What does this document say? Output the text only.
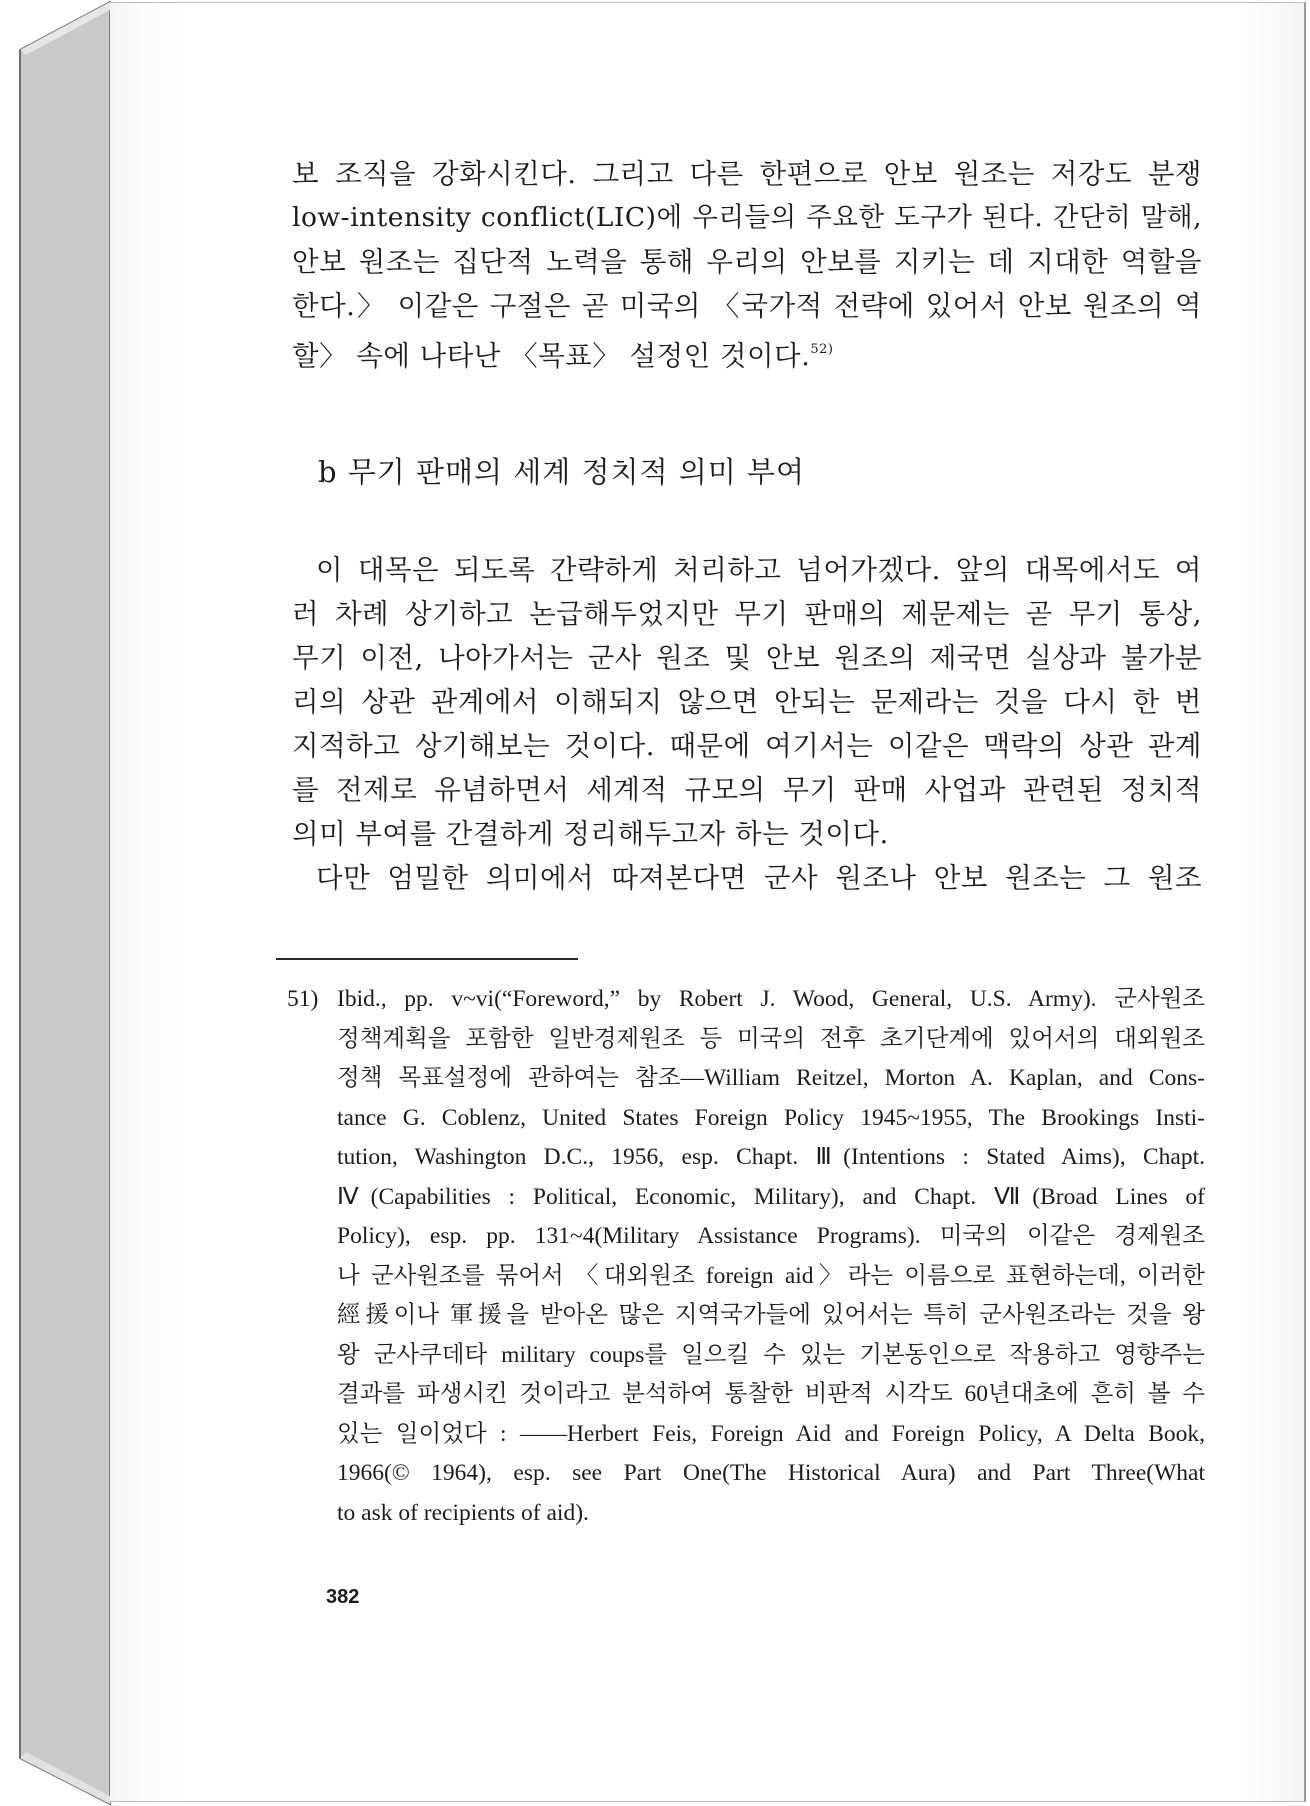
보 조직을 강화시킨다. 그리고 다른 한편으로 안보 원조는 저강도 분쟁
low-intensity conflict(LIC)에 우리들의 주요한 도구가 된다. 간단히 말해,
안보 원조는 집단적 노력을 통해 우리의 안보를 지키는 데 지대한 역할을
한다.〉 이같은 구절은 곧 미국의 〈국가적 전략에 있어서 안보 원조의 역
할〉 속에 나타난 〈목표〉 설정인 것이다.$^{52)}$
b 무기 판매의 세계 정치적 의미 부여
이 대목은 되도록 간략하게 처리하고 넘어가겠다. 앞의 대목에서도 여
러 차례 상기하고 논급해두었지만 무기 판매의 제문제는 곧 무기 통상,
무기 이전, 나아가서는 군사 원조 및 안보 원조의 제국면 실상과 불가분
리의 상관 관계에서 이해되지 않으면 안되는 문제라는 것을 다시 한 번
지적하고 상기해보는 것이다. 때문에 여기서는 이같은 맥락의 상관 관계
를 전제로 유념하면서 세계적 규모의 무기 판매 사업과 관련된 정치적
의미 부여를 간결하게 정리해두고자 하는 것이다.
다만 엄밀한 의미에서 따져본다면 군사 원조나 안보 원조는 그 원조
51) Ibid., pp. v~vi(“Foreword,” by Robert J. Wood, General, U.S. Army). 군사원조
정책계획을 포함한 일반경제원조 등 미국의 전후 초기단계에 있어서의 대외원조
정책 목표설정에 관하여는 참조—William Reitzel, Morton A. Kaplan, and Cons-
tance G. Coblenz, United States Foreign Policy 1945~1955, The Brookings Insti-
tution, Washington D.C., 1956, esp. Chapt. Ⅲ(Intentions : Stated Aims), Chapt.
Ⅳ(Capabilities : Political, Economic, Military), and Chapt. Ⅶ(Broad Lines of
Policy), esp. pp. 131~4(Military Assistance Programs). 미국의 이같은 경제원조
나 군사원조를 묶어서 〈대외원조 foreign aid〉라는 이름으로 표현하는데, 이러한
經援이나 軍援을 받아온 많은 지역국가들에 있어서는 특히 군사원조라는 것을 왕
왕 군사쿠데타 military coups를 일으킬 수 있는 기본동인으로 작용하고 영향주는
결과를 파생시킨 것이라고 분석하여 통찰한 비판적 시각도 60년대초에 흔히 볼 수
있는 일이었다 : ——Herbert Feis, Foreign Aid and Foreign Policy, A Delta Book,
1966(© 1964), esp. see Part One(The Historical Aura) and Part Three(What
to ask of recipients of aid).
382
